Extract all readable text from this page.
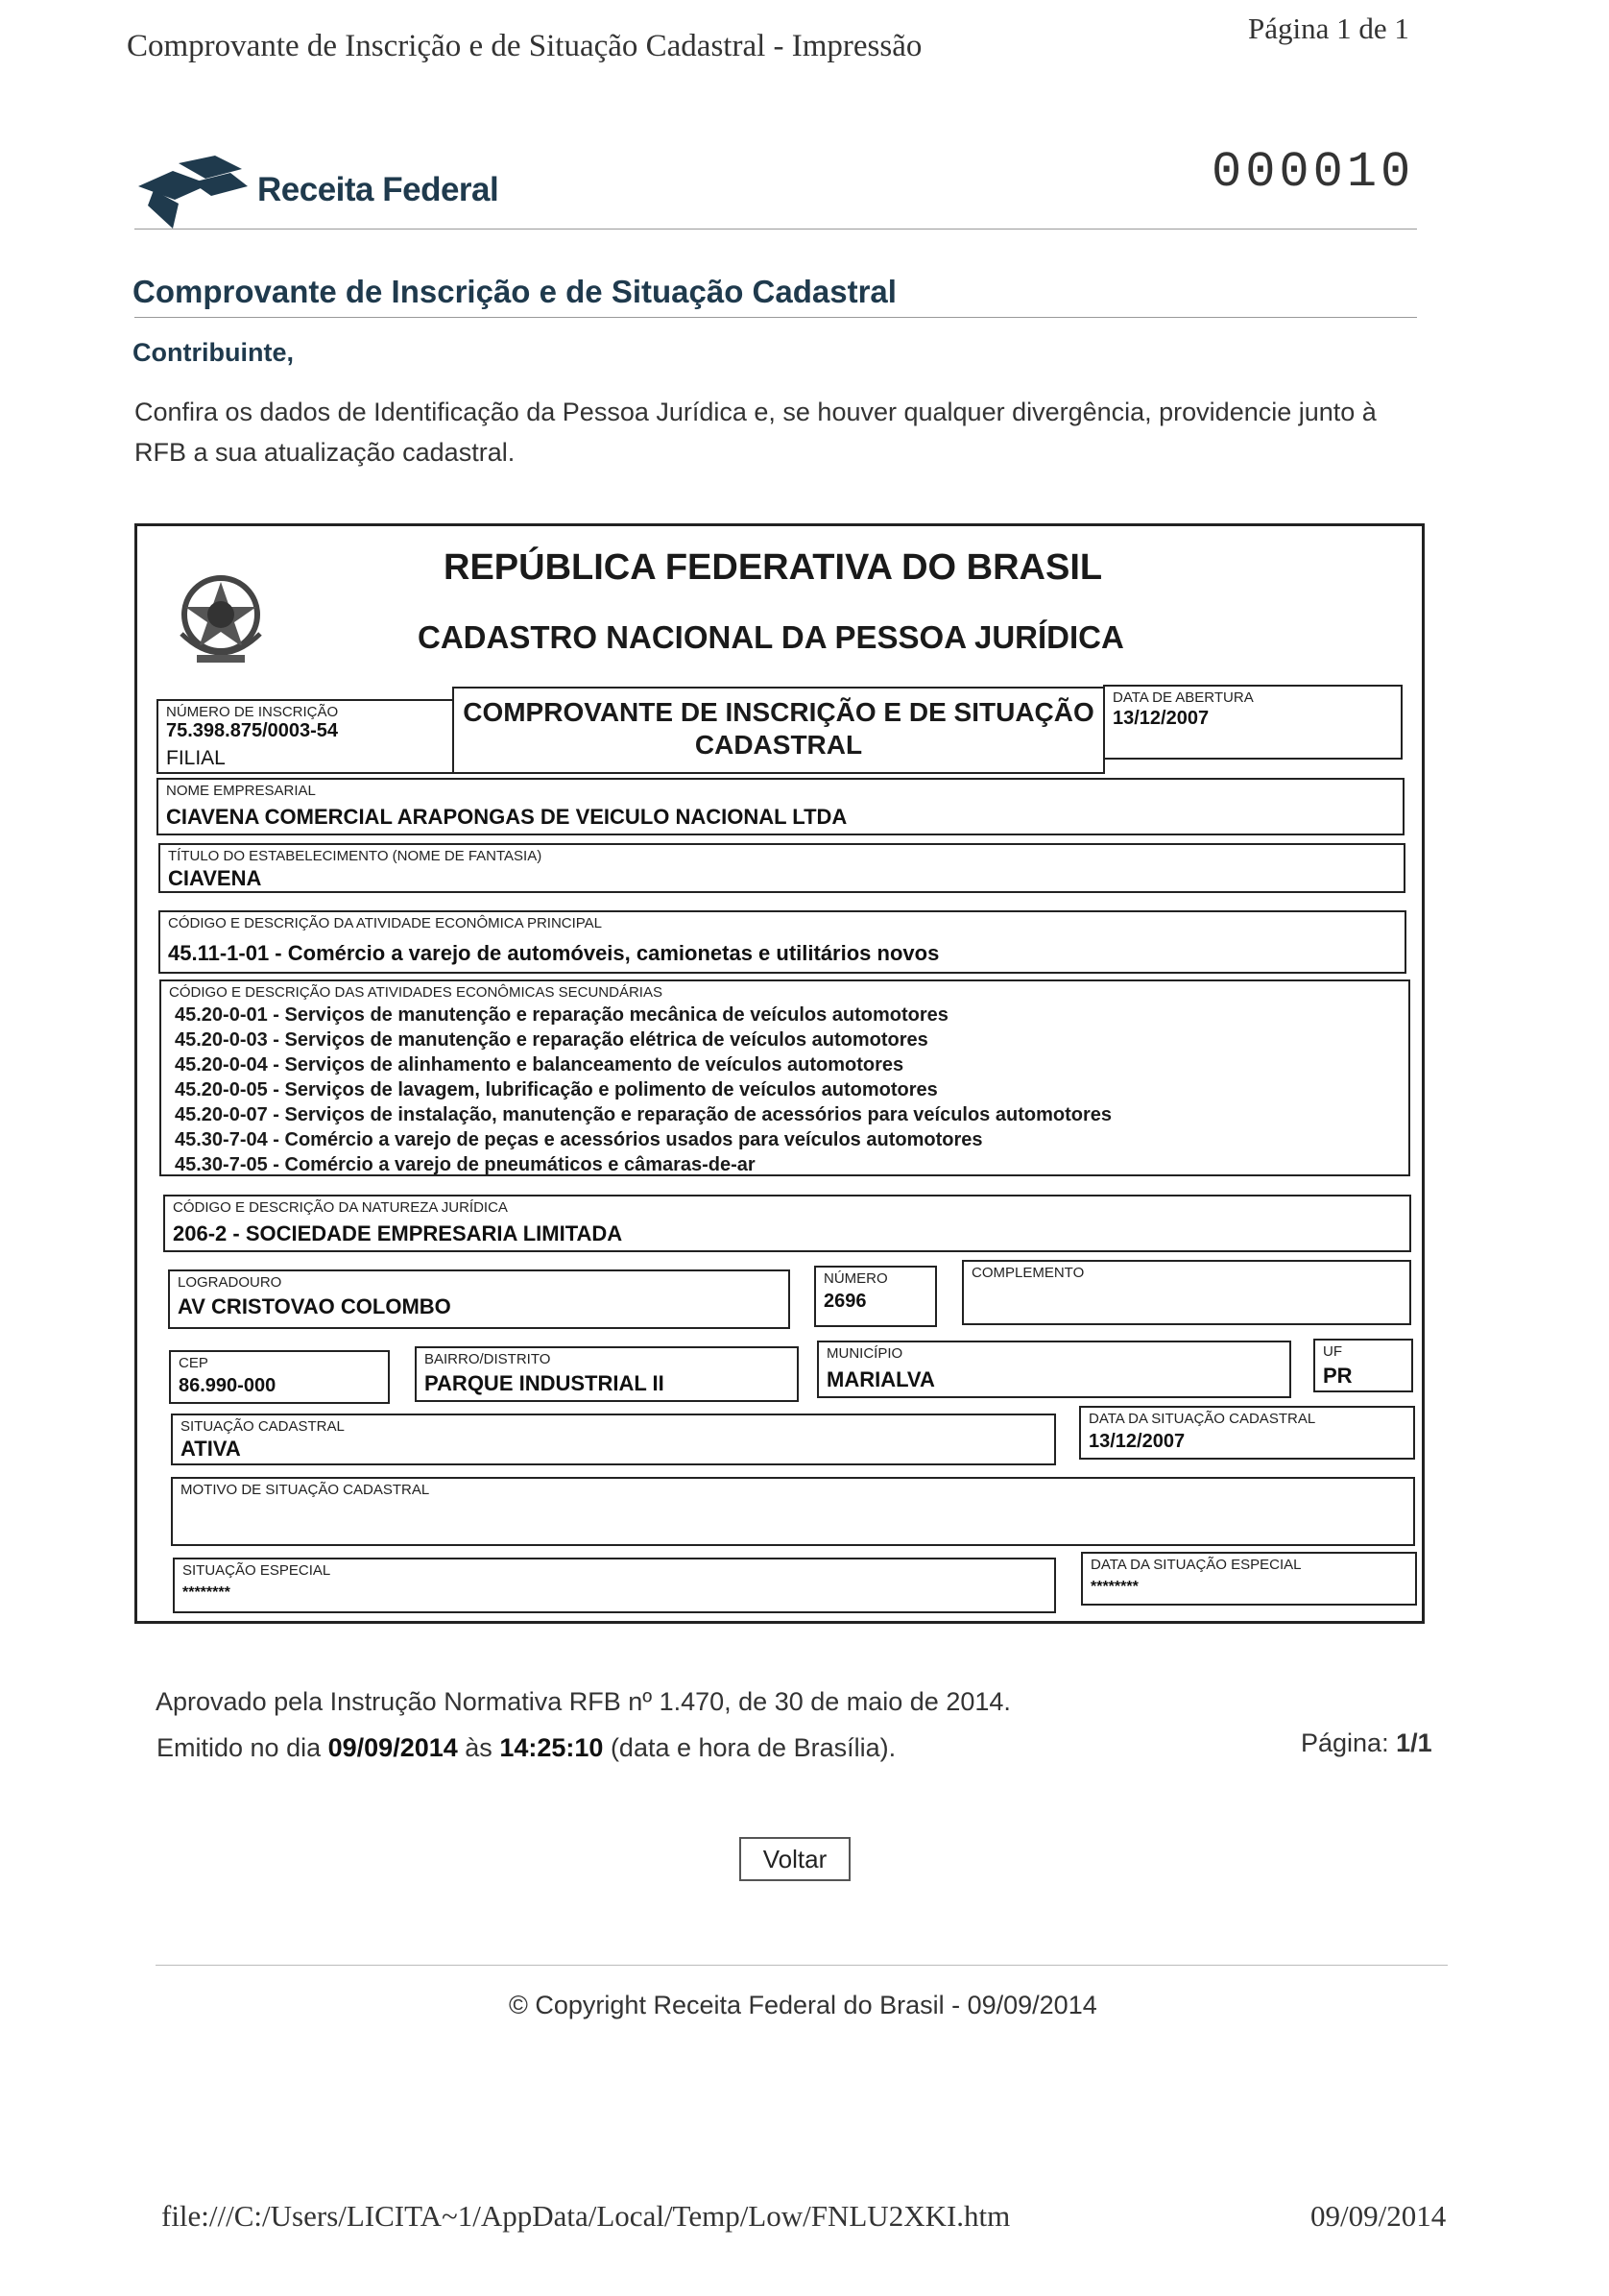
Comprovante de Inscrição e de Situação Cadastral - Impressão
Página 1 de 1
Receita Federal	000010
Comprovante de Inscrição e de Situação Cadastral
Contribuinte,
Confira os dados de Identificação da Pessoa Jurídica e, se houver qualquer divergência, providencie junto à RFB a sua atualização cadastral.
REPÚBLICA FEDERATIVA DO BRASIL
CADASTRO NACIONAL DA PESSOA JURÍDICA
NÚMERO DE INSCRIÇÃO
75.398.875/0003-54
FILIAL
COMPROVANTE DE INSCRIÇÃO E DE SITUAÇÃO
CADASTRAL
DATA DE ABERTURA
13/12/2007
NOME EMPRESARIAL
CIAVENA COMERCIAL ARAPONGAS DE VEICULO NACIONAL LTDA
TÍTULO DO ESTABELECIMENTO (NOME DE FANTASIA)
CIAVENA
CÓDIGO E DESCRIÇÃO DA ATIVIDADE ECONÔMICA PRINCIPAL
45.11-1-01 - Comércio a varejo de automóveis, camionetas e utilitários novos
CÓDIGO E DESCRIÇÃO DAS ATIVIDADES ECONÔMICAS SECUNDÁRIAS
45.20-0-01 - Serviços de manutenção e reparação mecânica de veículos automotores
45.20-0-03 - Serviços de manutenção e reparação elétrica de veículos automotores
45.20-0-04 - Serviços de alinhamento e balanceamento de veículos automotores
45.20-0-05 - Serviços de lavagem, lubrificação e polimento de veículos automotores
45.20-0-07 - Serviços de instalação, manutenção e reparação de acessórios para veículos automotores
45.30-7-04 - Comércio a varejo de peças e acessórios usados para veículos automotores
45.30-7-05 - Comércio a varejo de pneumáticos e câmaras-de-ar
CÓDIGO E DESCRIÇÃO DA NATUREZA JURÍDICA
206-2 - SOCIEDADE EMPRESARIA LIMITADA
LOGRADOURO
AV CRISTOVAO COLOMBO
NÚMERO
2696
COMPLEMENTO
CEP
86.990-000
BAIRRO/DISTRITO
PARQUE INDUSTRIAL II
MUNICÍPIO
MARIALVA
UF
PR
SITUAÇÃO CADASTRAL
ATIVA
DATA DA SITUAÇÃO CADASTRAL
13/12/2007
MOTIVO DE SITUAÇÃO CADASTRAL
SITUAÇÃO ESPECIAL
********
DATA DA SITUAÇÃO ESPECIAL
********
Aprovado pela Instrução Normativa RFB nº 1.470, de 30 de maio de 2014.
Emitido no dia 09/09/2014 às 14:25:10 (data e hora de Brasília).	Página: 1/1
Voltar
© Copyright Receita Federal do Brasil - 09/09/2014
file:///C:/Users/LICITA~1/AppData/Local/Temp/Low/FNLU2XKI.htm	09/09/2014
